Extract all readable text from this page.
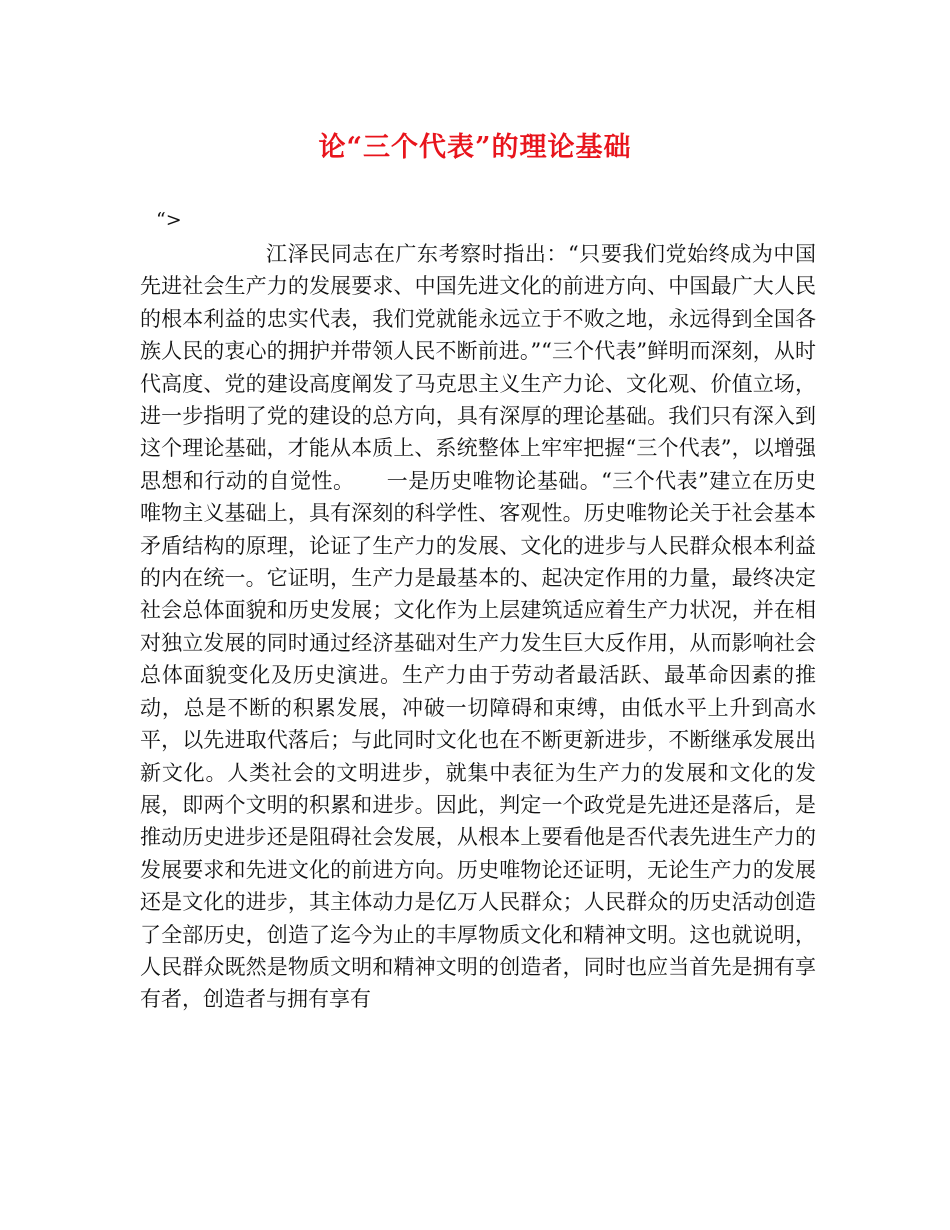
论“三个代表”的理论基础
“>

江泽民同志在广东考察时指出：“只要我们党始终成为中国先进社会生产力的发展要求、中国先进文化的前进方向、中国最广大人民的根本利益的忠实代表，我们党就能永远立于不败之地，永远得到全国各族人民的衷心的拥护并带领人民不断前进。”“三个代表”鲜明而深刻，从时代高度、党的建设高度阐发了马克思主义生产力论、文化观、价值立场，进一步指明了党的建设的总方向，具有深厚的理论基础。我们只有深入到这个理论基础，才能从本质上、系统整体上牢牢把握“三个代表”，以增强思想和行动的自觉性。　　一是历史唯物论基础。“三个代表”建立在历史唯物主义基础上，具有深刻的科学性、客观性。历史唯物论关于社会基本矛盾结构的原理，论证了生产力的发展、文化的进步与人民群众根本利益的内在统一。它证明，生产力是最基本的、起决定作用的力量，最终决定社会总体面貌和历史发展；文化作为上层建筑适应着生产力状况，并在相对独立发展的同时通过经济基础对生产力发生巨大反作用，从而影响社会总体面貌变化及历史演进。生产力由于劳动者最活跃、最革命因素的推动，总是不断的积累发展，冲破一切障碍和束缚，由低水平上升到高水平，以先进取代落后；与此同时文化也在不断更新进步，不断继承发展出新文化。人类社会的文明进步，就集中表征为生产力的发展和文化的发展，即两个文明的积累和进步。因此，判定一个政党是先进还是落后，是推动历史进步还是阻碍社会发展，从根本上要看他是否代表先进生产力的发展要求和先进文化的前进方向。历史唯物论还证明，无论生产力的发展还是文化的进步，其主体动力是亿万人民群众；人民群众的历史活动创造了全部历史，创造了迄今为止的丰厚物质文化和精神文明。这也就说明，人民群众既然是物质文明和精神文明的创造者，同时也应当首先是拥有享有者，创造者与拥有享有
